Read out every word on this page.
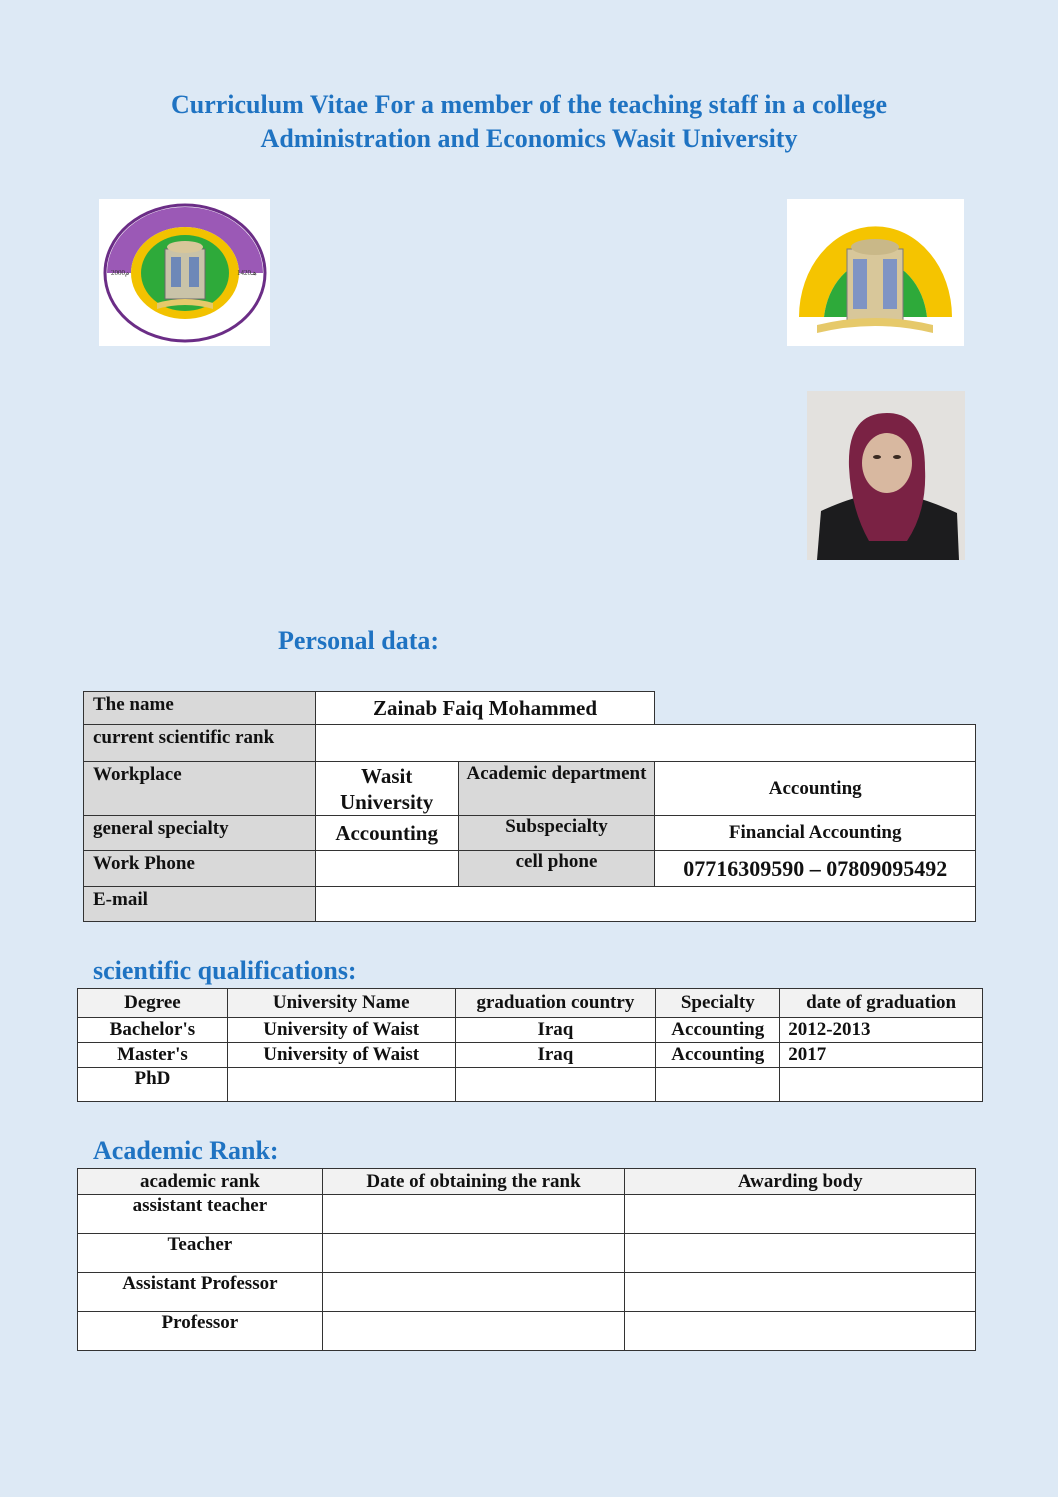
Curriculum Vitae For a member of the teaching staff in a college
Administration and Economics Wasit University
2000م	1420هـ
Personal data:
The name	Zainab Faiq Mohammed		
current scientific rank			
Workplace	Wasit University	Academic department	Accounting
general specialty	Accounting	Subspecialty	Financial Accounting
Work Phone		cell phone	07716309590 – 07809095492
E-mail			
scientific qualifications:
Degree	University Name	graduation country	Specialty	date of graduation
Bachelor's	University of Waist	Iraq	Accounting	2012-2013
Master's	University of Waist	Iraq	Accounting	2017
PhD				
Academic Rank:
academic rank	Date of obtaining the rank	Awarding body
assistant teacher		
Teacher		
Assistant Professor		
Professor		
